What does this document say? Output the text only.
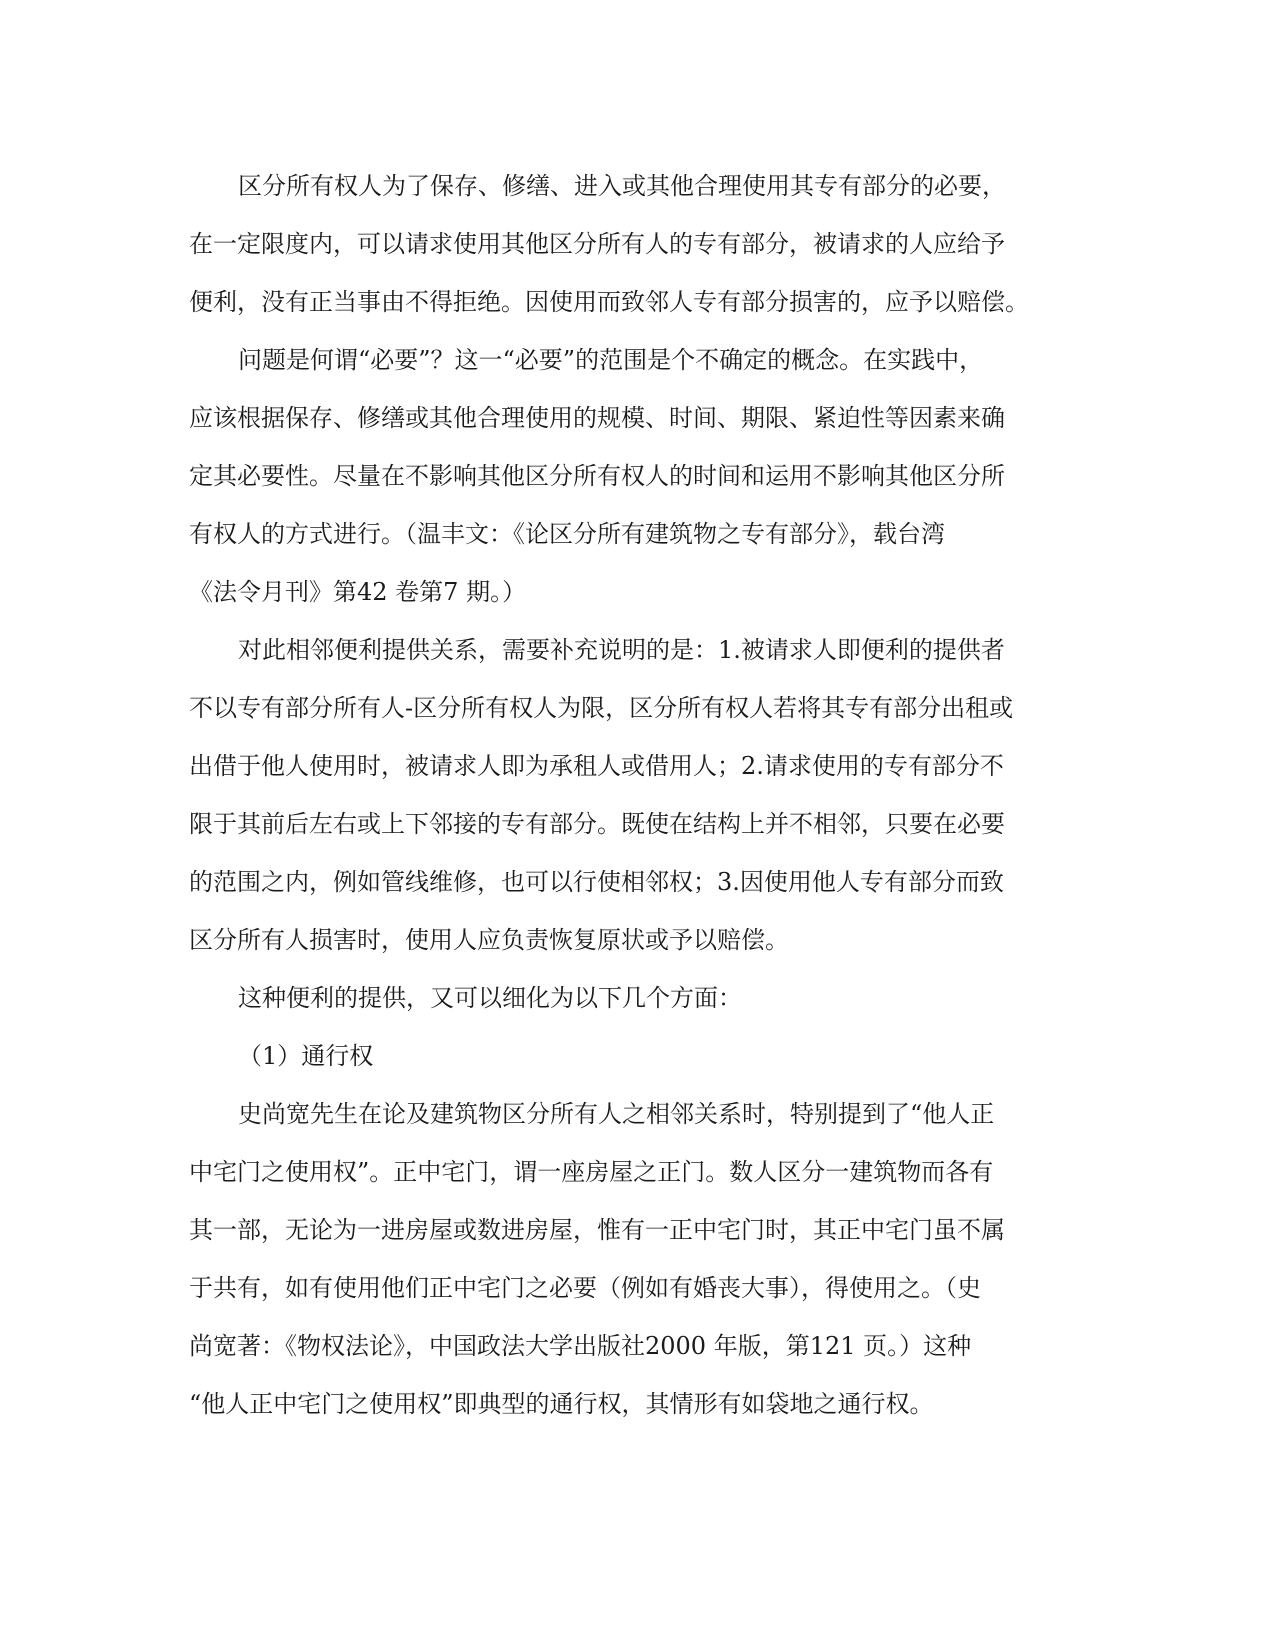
区分所有权人为了保存、修缮、进入或其他合理使用其专有部分的必要，

在一定限度内，可以请求使用其他区分所有人的专有部分，被请求的人应给予

便利，没有正当事由不得拒绝。因使用而致邻人专有部分损害的，应予以赔偿。

问题是何谓“必要”？这一“必要”的范围是个不确定的概念。在实践中，

应该根据保存、修缮或其他合理使用的规模、时间、期限、紧迫性等因素来确

定其必要性。尽量在不影响其他区分所有权人的时间和运用不影响其他区分所

有权人的方式进行。（温丰文：《论区分所有建筑物之专有部分》，载台湾

《法令月刊》第42 卷第7 期。）

对此相邻便利提供关系，需要补充说明的是：1.被请求人即便利的提供者

不以专有部分所有人-区分所有权人为限，区分所有权人若将其专有部分出租或

出借于他人使用时，被请求人即为承租人或借用人；2.请求使用的专有部分不

限于其前后左右或上下邻接的专有部分。既使在结构上并不相邻，只要在必要

的范围之内，例如管线维修，也可以行使相邻权；3.因使用他人专有部分而致

区分所有人损害时，使用人应负责恢复原状或予以赔偿。

这种便利的提供，又可以细化为以下几个方面：

（1）通行权

史尚宽先生在论及建筑物区分所有人之相邻关系时，特别提到了“他人正

中宅门之使用权”。正中宅门，谓一座房屋之正门。数人区分一建筑物而各有

其一部，无论为一进房屋或数进房屋，惟有一正中宅门时，其正中宅门虽不属

于共有，如有使用他们正中宅门之必要（例如有婚丧大事），得使用之。（史

尚宽著：《物权法论》，中国政法大学出版社2000 年版，第121 页。）这种

“他人正中宅门之使用权”即典型的通行权，其情形有如袋地之通行权。
